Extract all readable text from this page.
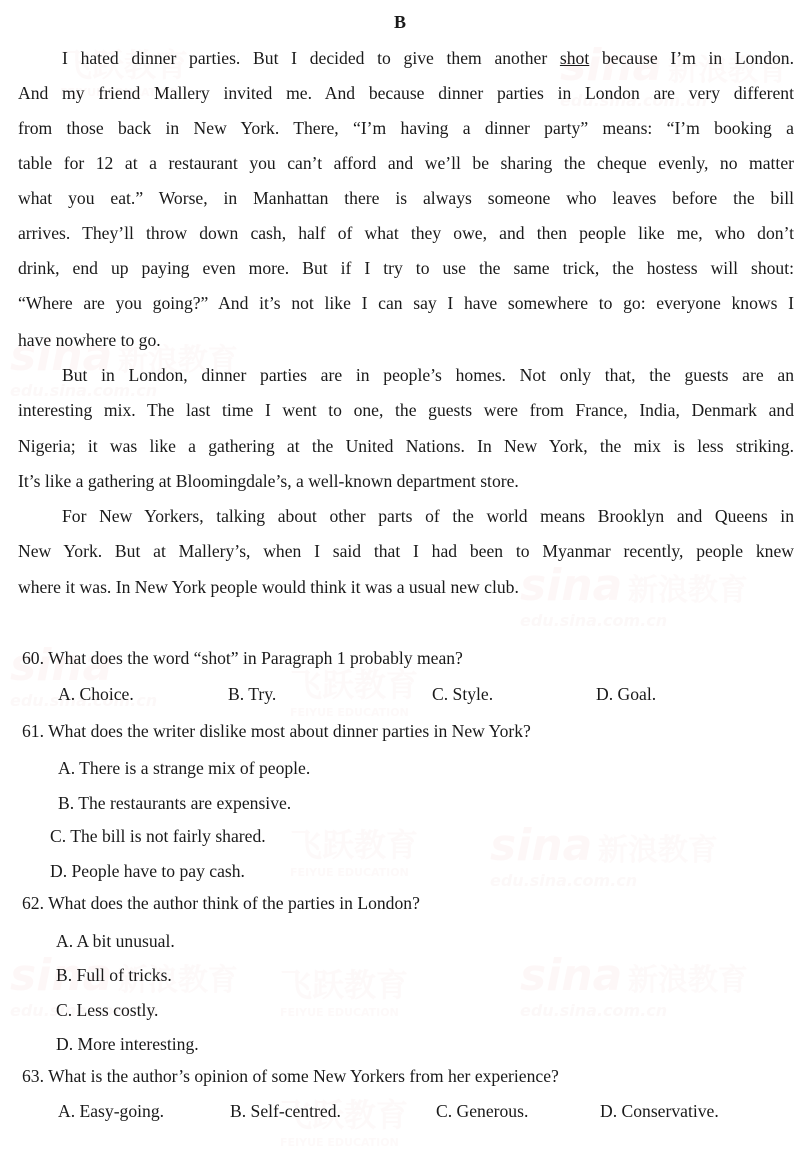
B
I hated dinner parties. But I decided to give them another shot because I’m in London.
And my friend Mallery invited me. And because dinner parties in London are very different
from those back in New York. There, “I’m having a dinner party” means: “I’m booking a
table for 12 at a restaurant you can’t afford and we’ll be sharing the cheque evenly, no matter
what you eat.” Worse, in Manhattan there is always someone who leaves before the bill
arrives. They’ll throw down cash, half of what they owe, and then people like me, who don’t
drink, end up paying even more. But if I try to use the same trick, the hostess will shout:
“Where are you going?” And it’s not like I can say I have somewhere to go: everyone knows I
have nowhere to go.
But in London, dinner parties are in people’s homes. Not only that, the guests are an
interesting mix. The last time I went to one, the guests were from France, India, Denmark and
Nigeria; it was like a gathering at the United Nations. In New York, the mix is less striking.
It’s like a gathering at Bloomingdale’s, a well-known department store.
For New Yorkers, talking about other parts of the world means Brooklyn and Queens in
New York. But at Mallery’s, when I said that I had been to Myanmar recently, people knew
where it was. In New York people would think it was a usual new club.
60. What does the word “shot” in Paragraph 1 probably mean?
A. Choice.	B. Try.	C. Style.	D. Goal.
61. What does the writer dislike most about dinner parties in New York?
A. There is a strange mix of people.
B. The restaurants are expensive.
C. The bill is not fairly shared.
D. People have to pay cash.
62. What does the author think of the parties in London?
A. A bit unusual.
B. Full of tricks.
C. Less costly.
D. More interesting.
63. What is the author’s opinion of some New Yorkers from her experience?
A. Easy-going.	B. Self-centred.	C. Generous.	D. Conservative.
